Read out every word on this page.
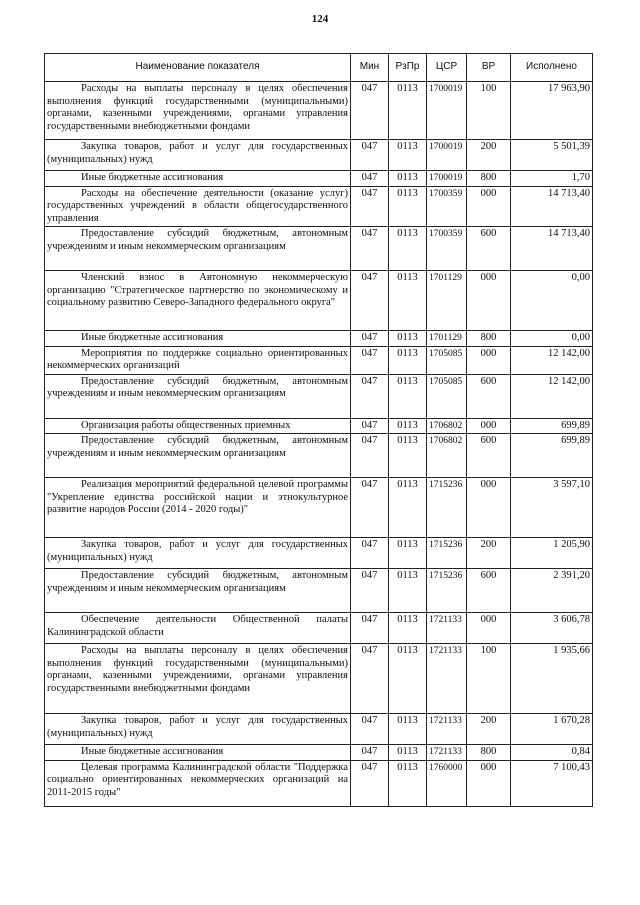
124
Наименование показателя	Мин	РзПр	ЦСР	ВР	Исполнено
Расходы на выплаты персоналу в целях обеспечения выполнения функций государственными (муниципальными) органами, казенными учреждениями, органами управления государственными внебюджетными фондами	047	0113	1700019	100	17 963,90
Закупка товаров, работ и услуг для государственных (муниципальных) нужд	047	0113	1700019	200	5 501,39
Иные бюджетные ассигнования	047	0113	1700019	800	1,70
Расходы на обеспечение деятельности (оказание услуг) государственных учреждений в области общегосударственного управления	047	0113	1700359	000	14 713,40
Предоставление субсидий бюджетным, автономным учреждениям и иным некоммерческим организациям	047	0113	1700359	600	14 713,40
Членский взнос в Автономную некоммерческую организацию "Стратегическое партнерство по экономическому и социальному развитию Северо-Западного федерального округа"	047	0113	1701129	000	0,00
Иные бюджетные ассигнования	047	0113	1701129	800	0,00
Мероприятия по поддержке социально ориентированных некоммерческих организаций	047	0113	1705085	000	12 142,00
Предоставление субсидий бюджетным, автономным учреждениям и иным некоммерческим организациям	047	0113	1705085	600	12 142,00
Организация работы общественных приемных	047	0113	1706802	000	699,89
Предоставление субсидий бюджетным, автономным учреждениям и иным некоммерческим организациям	047	0113	1706802	600	699,89
Реализация мероприятий федеральной целевой программы "Укрепление единства российской нации и этнокультурное развитие народов России (2014 - 2020 годы)"	047	0113	1715236	000	3 597,10
Закупка товаров, работ и услуг для государственных (муниципальных) нужд	047	0113	1715236	200	1 205,90
Предоставление субсидий бюджетным, автономным учреждениям и иным некоммерческим организациям	047	0113	1715236	600	2 391,20
Обеспечение деятельности Общественной палаты Калининградской области	047	0113	1721133	000	3 606,78
Расходы на выплаты персоналу в целях обеспечения выполнения функций государственными (муниципальными) органами, казенными учреждениями, органами управления государственными внебюджетными фондами	047	0113	1721133	100	1 935,66
Закупка товаров, работ и услуг для государственных (муниципальных) нужд	047	0113	1721133	200	1 670,28
Иные бюджетные ассигнования	047	0113	1721133	800	0,84
Целевая программа Калининградской области "Поддержка социально ориентированных некоммерческих организаций на 2011-2015 годы"	047	0113	1760000	000	7 100,43
